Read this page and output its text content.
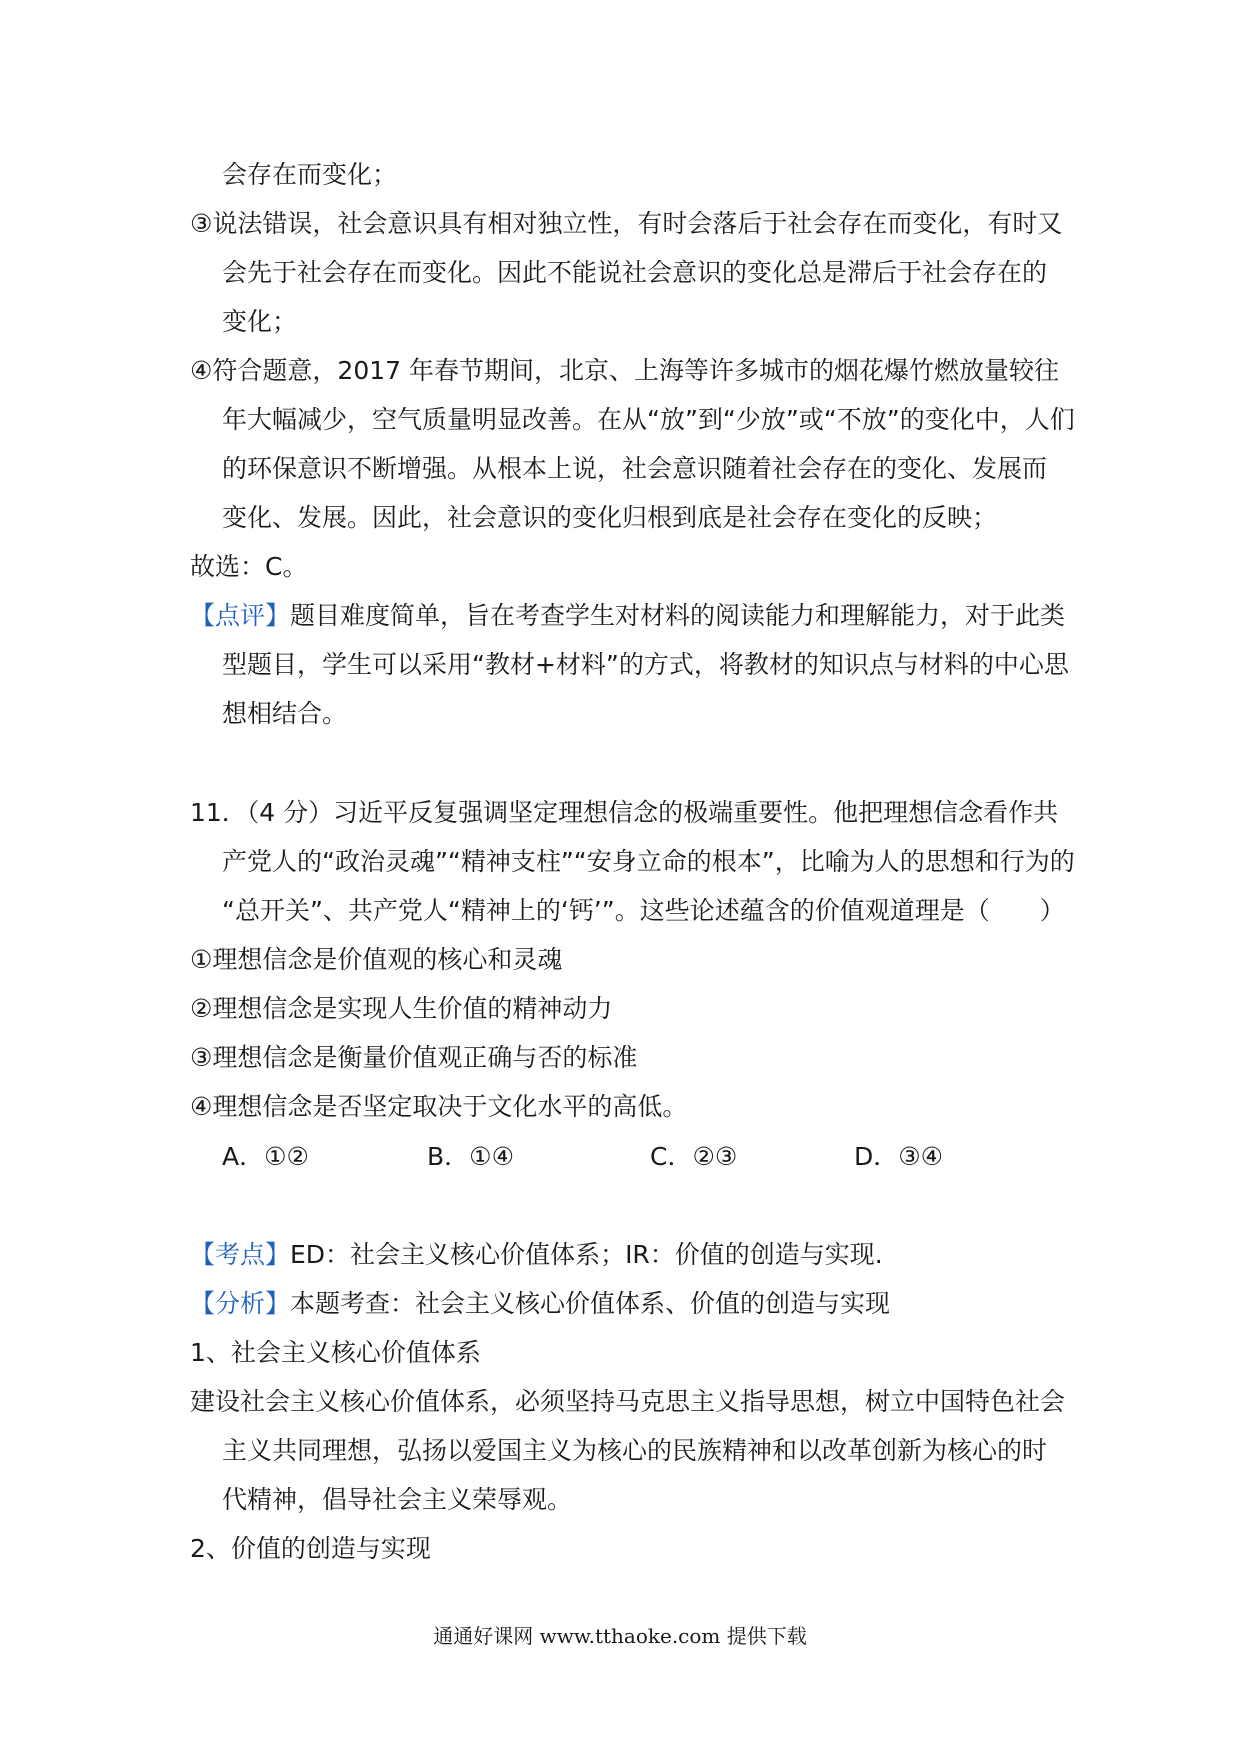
会存在而变化；
③说法错误，社会意识具有相对独立性，有时会落后于社会存在而变化，有时又
会先于社会存在而变化。因此不能说社会意识的变化总是滞后于社会存在的
变化；
④符合题意，2017 年春节期间，北京、上海等许多城市的烟花爆竹燃放量较往
年大幅减少，空气质量明显改善。在从“放”到“少放”或“不放”的变化中，人们
的环保意识不断增强。从根本上说，社会意识随着社会存在的变化、发展而
变化、发展。因此，社会意识的变化归根到底是社会存在变化的反映；
故选：C。
【点评】题目难度简单，旨在考查学生对材料的阅读能力和理解能力，对于此类
型题目，学生可以采用“教材+材料”的方式，将教材的知识点与材料的中心思
想相结合。
11．（4 分）习近平反复强调坚定理想信念的极端重要性。他把理想信念看作共
产党人的“政治灵魂”“精神支柱”“安身立命的根本”，比喻为人的思想和行为的
“总开关”、共产党人“精神上的‘钙’”。这些论述蕴含的价值观道理是（　　）
①理想信念是价值观的核心和灵魂
②理想信念是实现人生价值的精神动力
③理想信念是衡量价值观正确与否的标准
④理想信念是否坚定取决于文化水平的高低。
A．①②	B．①④	C．②③	D．③④
【考点】ED：社会主义核心价值体系；IR：价值的创造与实现.
【分析】本题考查：社会主义核心价值体系、价值的创造与实现
1、社会主义核心价值体系
建设社会主义核心价值体系，必须坚持马克思主义指导思想，树立中国特色社会
主义共同理想，弘扬以爱国主义为核心的民族精神和以改革创新为核心的时
代精神，倡导社会主义荣辱观。
2、价值的创造与实现
通通好课网 www.tthaoke.com 提供下载
